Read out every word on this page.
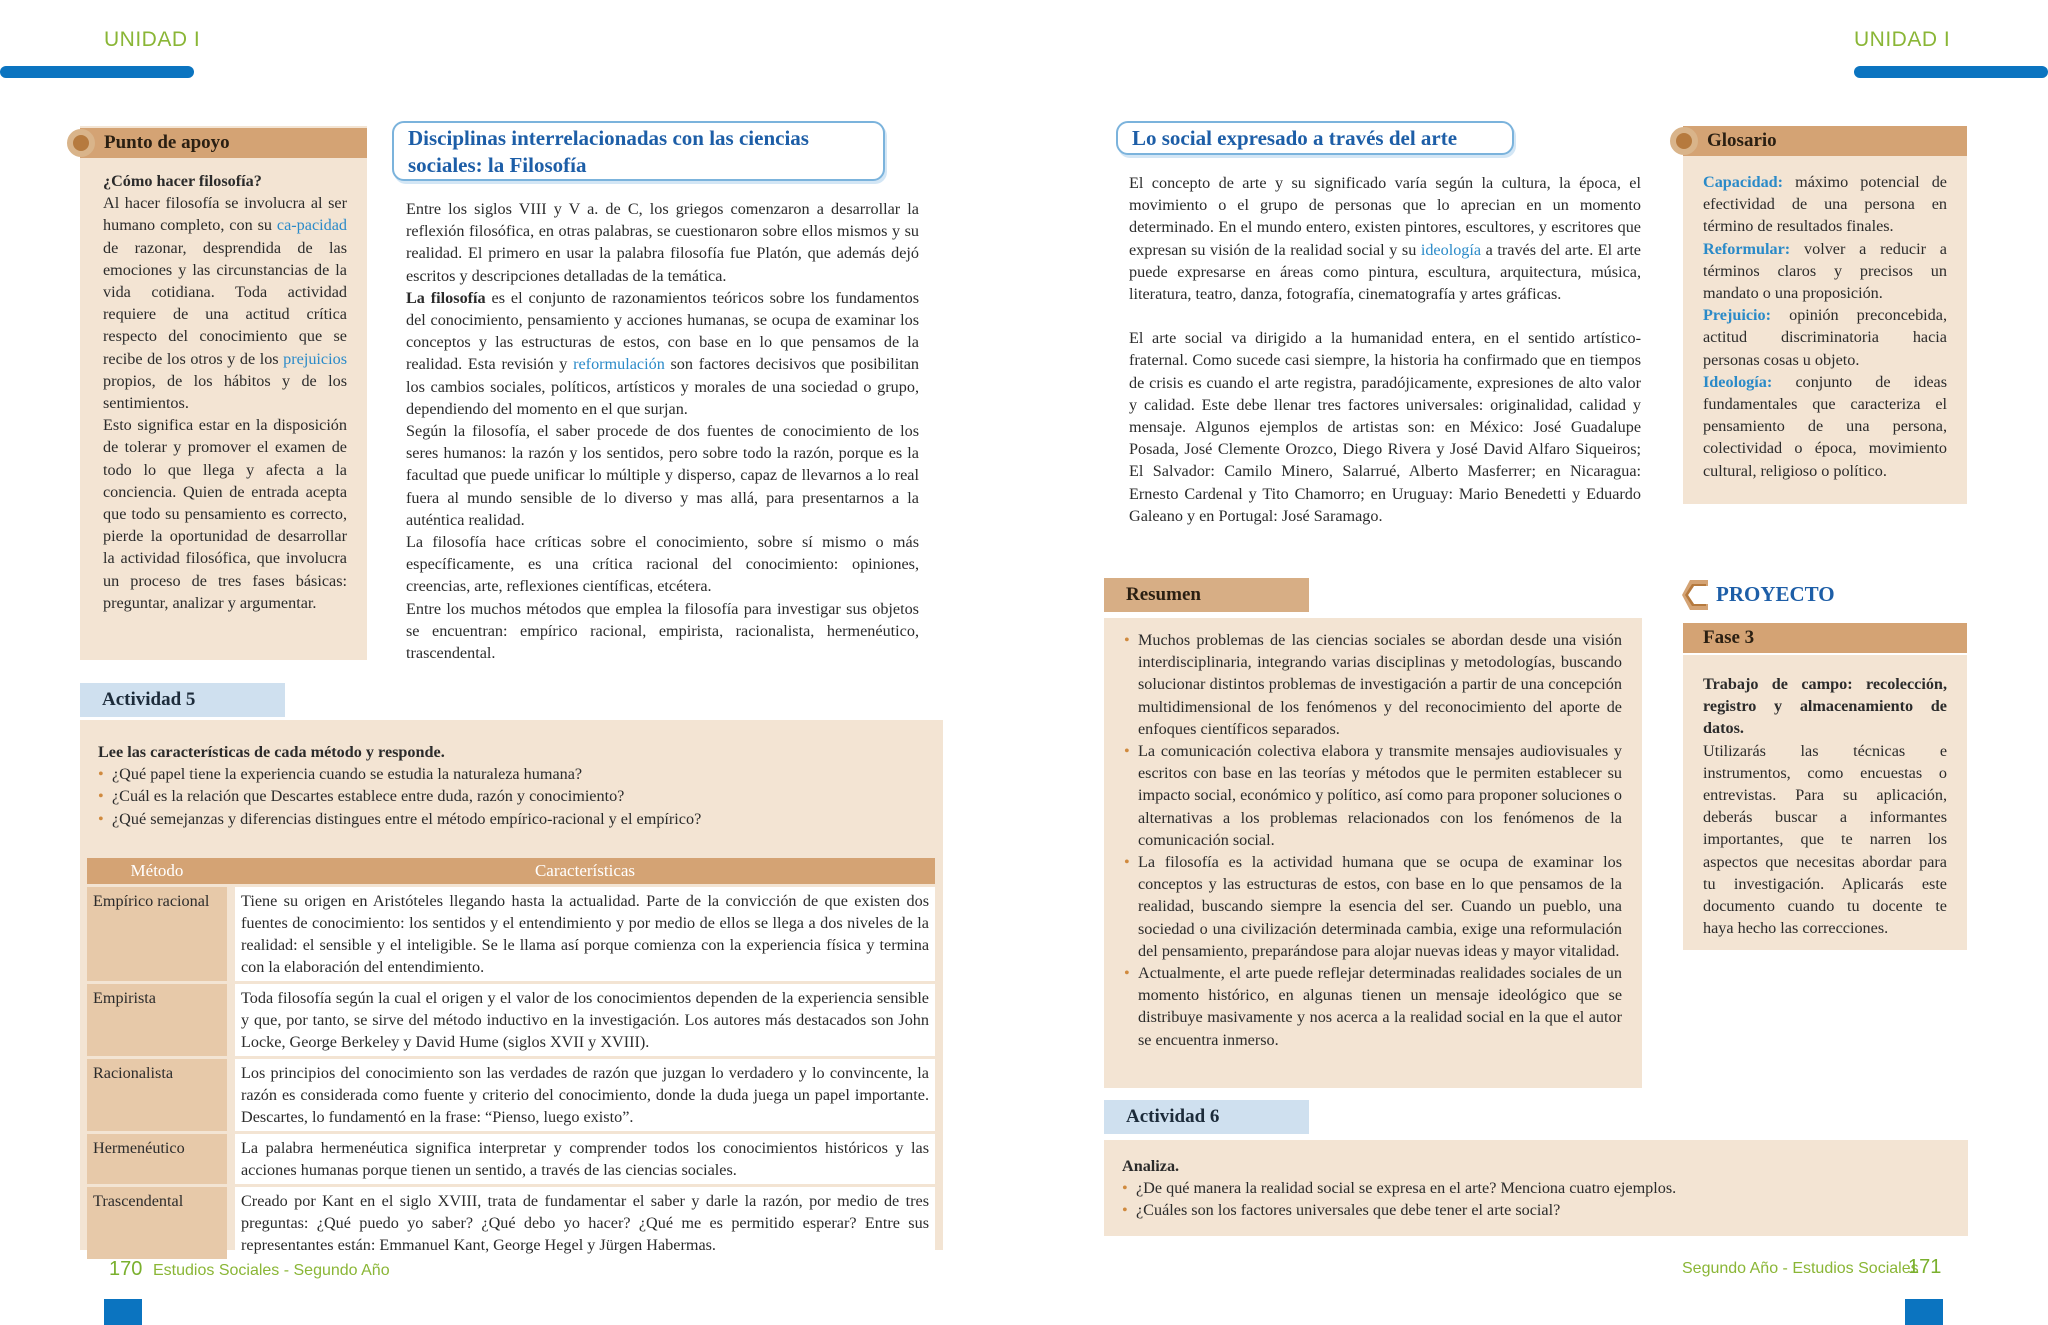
UNIDAD I	UNIDAD I
Punto de apoyo

¿Cómo hacer filosofía?

Al hacer filosofía se involucra al ser humano completo, con su ca-pacidad de razonar, desprendida de las emociones y las circunstancias de la vida cotidiana. Toda actividad requiere de una actitud crítica respecto del conocimiento que se recibe de los otros y de los prejuicios propios, de los hábitos y de los sentimientos.

Esto significa estar en la disposición de tolerar y promover el examen de todo lo que llega y afecta a la conciencia. Quien de entrada acepta que todo su pensamiento es correcto, pierde la oportunidad de desarrollar la actividad filosófica, que involucra un proceso de tres fases básicas: preguntar, analizar y argumentar.

Disciplinas interrelacionadas con las ciencias sociales: la Filosofía

Entre los siglos VIII y V a. de C, los griegos comenzaron a desarrollar la reflexión filosófica, en otras palabras, se cuestionaron sobre ellos mismos y su realidad. El primero en usar la palabra filosofía fue Platón, que además dejó escritos y descripciones detalladas de la temática.

La filosofía es el conjunto de razonamientos teóricos sobre los fundamentos del conocimiento, pensamiento y acciones humanas, se ocupa de examinar los conceptos y las estructuras de estos, con base en lo que pensamos de la realidad. Esta revisión y reformulación son factores decisivos que posibilitan los cambios sociales, políticos, artísticos y morales de una sociedad o grupo, dependiendo del momento en el que surjan.

Según la filosofía, el saber procede de dos fuentes de conocimiento de los seres humanos: la razón y los sentidos, pero sobre todo la razón, porque es la facultad que puede unificar lo múltiple y disperso, capaz de llevarnos a lo real fuera al mundo sensible de lo diverso y mas allá, para presentarnos a la auténtica realidad.

La filosofía hace críticas sobre el conocimiento, sobre sí mismo o más específicamente, es una crítica racional del conocimiento: opiniones, creencias, arte, reflexiones científicas, etcétera.

Entre los muchos métodos que emplea la filosofía para investigar sus objetos se encuentran: empírico racional, empirista, racionalista, hermenéutico, trascendental.

Actividad 5

Lee las características de cada método y responde.

• ¿Qué papel tiene la experiencia cuando se estudia la naturaleza humana?
• ¿Cuál es la relación que Descartes establece entre duda, razón y conocimiento?
• ¿Qué semejanzas y diferencias distingues entre el método empírico-racional y el empírico?
Método		Características
Empírico racional		Tiene su origen en Aristóteles llegando hasta la actualidad. Parte de la convicción de que existen dos fuentes de conocimiento: los sentidos y el entendimiento y por medio de ellos se llega a dos niveles de la realidad: el sensible y el inteligible. Se le llama así porque comienza con la experiencia física y termina con la elaboración del entendimiento.
Empirista		Toda filosofía según la cual el origen y el valor de los conocimientos dependen de la experiencia sensible y que, por tanto, se sirve del método inductivo en la investigación. Los autores más destacados son John Locke, George Berkeley y David Hume (siglos XVII y XVIII).
Racionalista		Los principios del conocimiento son las verdades de razón que juzgan lo verdadero y lo convincente, la razón es considerada como fuente y criterio del conocimiento, donde la duda juega un papel importante. Descartes, lo fundamentó en la frase: “Pienso, luego existo”.
Hermenéutico		La palabra hermenéutica significa interpretar y comprender todos los conocimientos históricos y las acciones humanas porque tienen un sentido, a través de las ciencias sociales.
Trascendental		Creado por Kant en el siglo XVIII, trata de fundamentar el saber y darle la razón, por medio de tres preguntas: ¿Qué puedo yo saber? ¿Qué debo yo hacer? ¿Qué me es permitido esperar? Entre sus representantes están: Emmanuel Kant, George Hegel y Jürgen Habermas.
170 Estudios Sociales - Segundo Año
Lo social expresado a través del arte

El concepto de arte y su significado varía según la cultura, la época, el movimiento o el grupo de personas que lo aprecian en un momento determinado. En el mundo entero, existen pintores, escultores, y escritores que expresan su visión de la realidad social y su ideología a través del arte. El arte puede expresarse en áreas como pintura, escultura, arquitectura, música, literatura, teatro, danza, fotografía, cinematografía y artes gráficas.

El arte social va dirigido a la humanidad entera, en el sentido artístico-fraternal. Como sucede casi siempre, la historia ha confirmado que en tiempos de crisis es cuando el arte registra, paradójicamente, expresiones de alto valor y calidad. Este debe llenar tres factores universales: originalidad, calidad y mensaje. Algunos ejemplos de artistas son: en México: José Guadalupe Posada, José Clemente Orozco, Diego Rivera y José David Alfaro Siqueiros; El Salvador: Camilo Minero, Salarrué, Alberto Masferrer; en Nicaragua: Ernesto Cardenal y Tito Chamorro; en Uruguay: Mario Benedetti y Eduardo Galeano y en Portugal: José Saramago.

Glosario

Capacidad: máximo potencial de efectividad de una persona en término de resultados finales.

Reformular: volver a reducir a términos claros y precisos un mandato o una proposición.

Prejuicio: opinión preconcebida, actitud discriminatoria hacia personas cosas u objeto.

Ideología: conjunto de ideas fundamentales que caracteriza el pensamiento de una persona, colectividad o época, movimiento cultural, religioso o político.

Resumen
• Muchos problemas de las ciencias sociales se abordan desde una visión interdisciplinaria, integrando varias disciplinas y metodologías, buscando solucionar distintos problemas de investigación a partir de una concepción multidimensional de los fenómenos y del reconocimiento del aporte de enfoques científicos separados.
• La comunicación colectiva elabora y transmite mensajes audiovisuales y escritos con base en las teorías y métodos que le permiten establecer su impacto social, económico y político, así como para proponer soluciones o alternativas a los problemas relacionados con los fenómenos de la comunicación social.
• La filosofía es la actividad humana que se ocupa de examinar los conceptos y las estructuras de estos, con base en lo que pensamos de la realidad, buscando siempre la esencia del ser. Cuando un pueblo, una sociedad o una civilización determinada cambia, exige una reformulación del pensamiento, preparándose para alojar nuevas ideas y mayor vitalidad.
• Actualmente, el arte puede reflejar determinadas realidades sociales de un momento histórico, en algunas tienen un mensaje ideológico que se distribuye masivamente y nos acerca a la realidad social en la que el autor se encuentra inmerso.
PROYECTO
Fase 3

Trabajo de campo: recolección, registro y almacenamiento de datos.

Utilizarás las técnicas e instrumentos, como encuestas o entrevistas. Para su aplicación, deberás buscar a informantes importantes, que te narren los aspectos que necesitas abordar para tu investigación. Aplicarás este documento cuando tu docente te haya hecho las correcciones.

Actividad 6

Analiza.

• ¿De qué manera la realidad social se expresa en el arte? Menciona cuatro ejemplos.
• ¿Cuáles son los factores universales que debe tener el arte social?
Segundo Año - Estudios Sociales
171
